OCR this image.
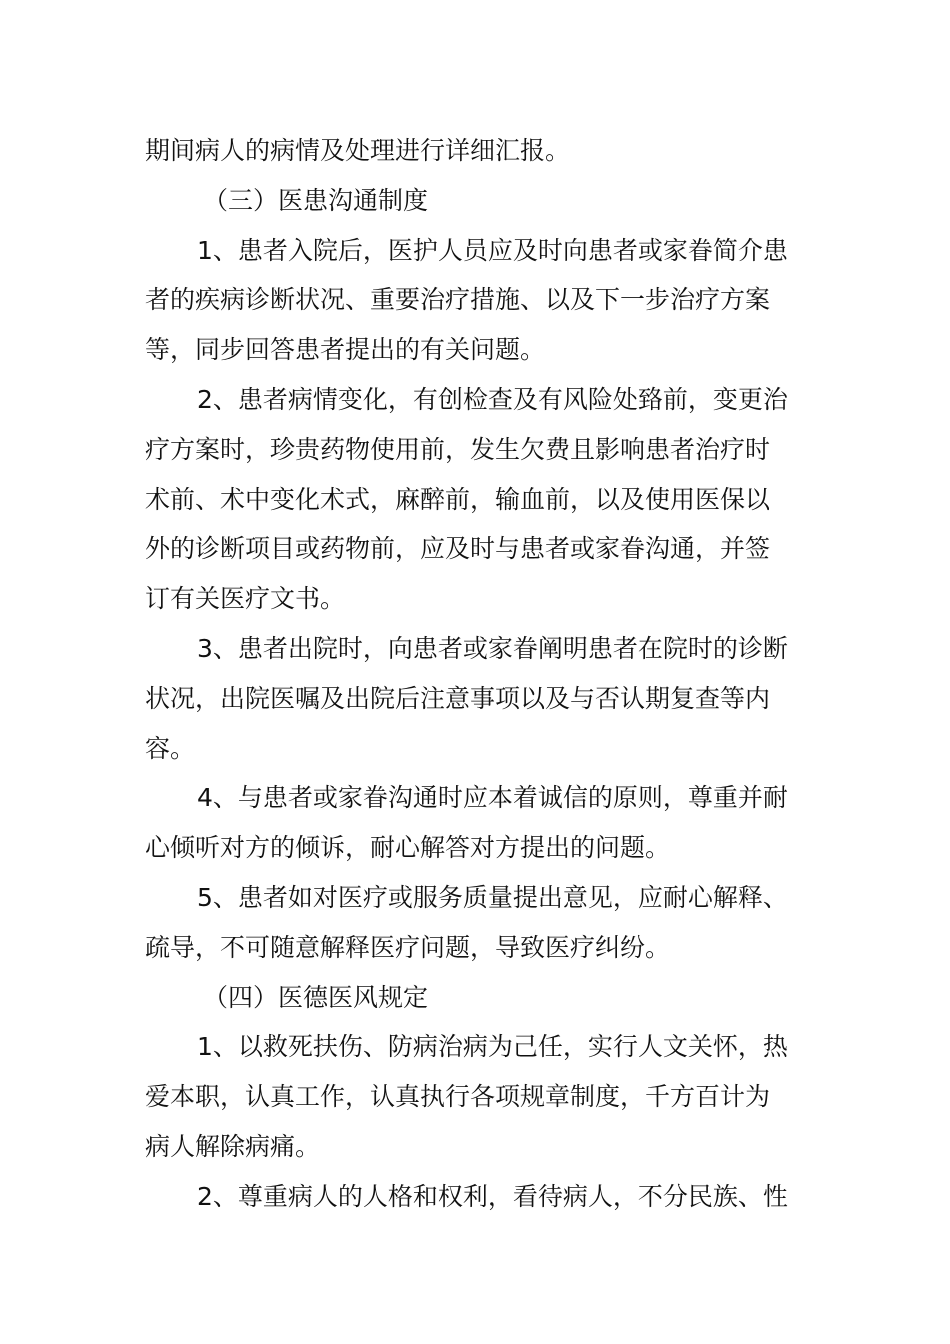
期间病人的病情及处理进行详细汇报。
（三）医患沟通制度
1、患者入院后，医护人员应及时向患者或家眷简介患
者的疾病诊断状况、重要治疗措施、以及下一步治疗方案
等，同步回答患者提出的有关问题。
2、患者病情变化，有创检查及有风险处臵前，变更治
疗方案时，珍贵药物使用前，发生欠费且影响患者治疗时
术前、术中变化术式，麻醉前，输血前，以及使用医保以
外的诊断项目或药物前，应及时与患者或家眷沟通，并签
订有关医疗文书。
3、患者出院时，向患者或家眷阐明患者在院时的诊断
状况，出院医嘱及出院后注意事项以及与否认期复查等内
容。
4、与患者或家眷沟通时应本着诚信的原则，尊重并耐
心倾听对方的倾诉，耐心解答对方提出的问题。
5、患者如对医疗或服务质量提出意见，应耐心解释、
疏导，不可随意解释医疗问题，导致医疗纠纷。
（四）医德医风规定
1、以救死扶伤、防病治病为己任，实行人文关怀，热
爱本职，认真工作，认真执行各项规章制度，千方百计为
病人解除病痛。
2、尊重病人的人格和权利，看待病人，不分民族、性
